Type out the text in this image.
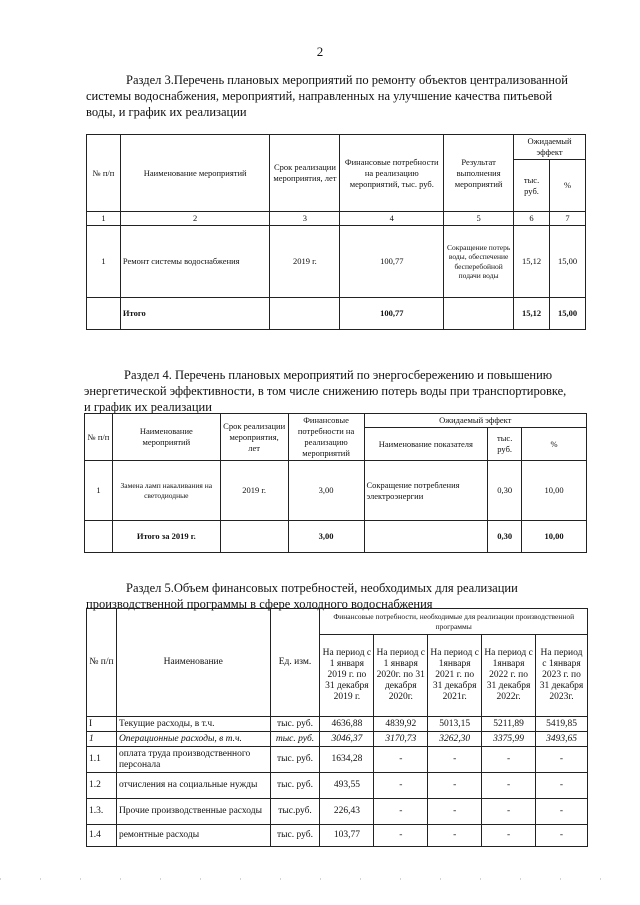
2

Раздел 3.Перечень плановых мероприятий по ремонту объектов централизованной

системы водоснабжения, мероприятий, направленных на улучшение качества питьевой

воды, и график их реализации

№ п/п	Наименование мероприятий	Срок реализации мероприятия, лет	Финансовые потребности на реализацию мероприятий, тыс. руб.	Результат выполнения мероприятий	Ожидаемый эффект	
					тыс. руб.	%
1	2	3	4	5	6	7
1	Ремонт системы водоснабжения	2019 г.	100,77	Сокращение потерь воды, обеспечение бесперебойной подачи воды	15,12	15,00
	Итого		100,77		15,12	15,00

Раздел 4. Перечень плановых мероприятий по энергосбережению и повышению

энергетической эффективности, в том числе снижению потерь воды при транспортировке,

и график их реализации

№ п/п	Наименование мероприятий	Срок реализации мероприятия, лет	Финансовые потребности на реализацию мероприятий	Ожидаемый эффект		
				Наименование показателя	тыс. руб.	%
1	Замена ламп накаливания на светодиодные	2019 г.	3,00	Сокращение потребления электроэнергии	0,30	10,00
	Итого за 2019 г.		3,00		0,30	10,00

Раздел 5.Объем финансовых потребностей, необходимых для реализации

производственной программы в сфере холодного водоснабжения

№ п/п	Наименование	Ед. изм.	Финансовые потребности, необходимые для реализации производственной программы				
			На период с 1 января 2019 г. по 31 декабря 2019 г.	На период с 1 января 2020г. по 31 декабря 2020г.	На период с 1января 2021 г. по 31 декабря 2021г.	На период с 1января 2022 г. по 31 декабря 2022г.	На период с 1января 2023 г. по 31 декабря 2023г.
I	Текущие расходы, в т.ч.	тыс. руб.	4636,88	4839,92	5013,15	5211,89	5419,85
1	Операционные расходы, в т.ч.	тыс. руб.	3046,37	3170,73	3262,30	3375,99	3493,65
1.1	оплата труда производственного персонала	тыс. руб.	1634,28	-	-	-	-
1.2	отчисления на социальные нужды	тыс. руб.	493,55	-	-	-	-
1.3.	Прочие производственные расходы	тыс.руб.	226,43	-	-	-	-
1.4	ремонтные расходы	тыс. руб.	103,77	-	-	-	-
